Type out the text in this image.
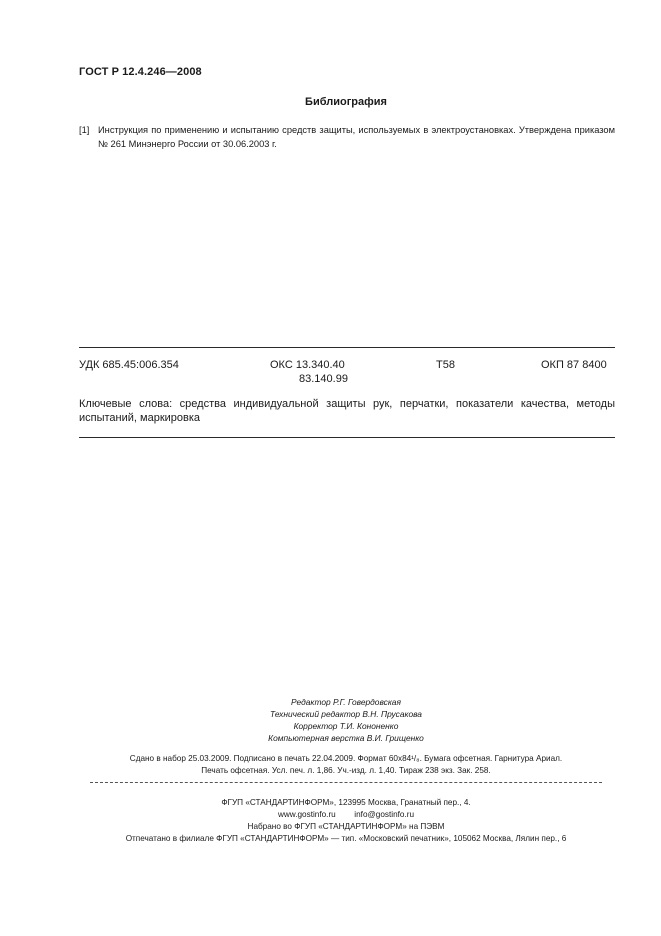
ГОСТ Р 12.4.246—2008
Библиография
[1] Инструкция по применению и испытанию средств защиты, используемых в электроустановках. Утверждена приказом № 261 Минэнерго России от 30.06.2003 г.
УДК 685.45:006.354	ОКС 13.340.40
83.140.99
Т58	ОКП 87 8400
Ключевые слова: средства индивидуальной защиты рук, перчатки, показатели качества, методы испытаний, маркировка
Редактор Р.Г. Говердовская
Технический редактор В.Н. Прусакова
Корректор Т.И. Кононенко
Компьютерная верстка В.И. Грищенко
Сдано в набор 25.03.2009. Подписано в печать 22.04.2009. Формат 60x84¹/₈. Бумага офсетная. Гарнитура Ариал.
Печать офсетная. Усл. печ. л. 1,86. Уч.-изд. л. 1,40. Тираж 238 экз. Зак. 258.
ФГУП «СТАНДАРТИНФОРМ», 123995 Москва, Гранатный пер., 4.
www.gostinfo.ru info@gostinfo.ru
Набрано во ФГУП «СТАНДАРТИНФОРМ» на ПЭВМ
Отпечатано в филиале ФГУП «СТАНДАРТИНФОРМ» — тип. «Московский печатник», 105062 Москва, Лялин пер., 6
